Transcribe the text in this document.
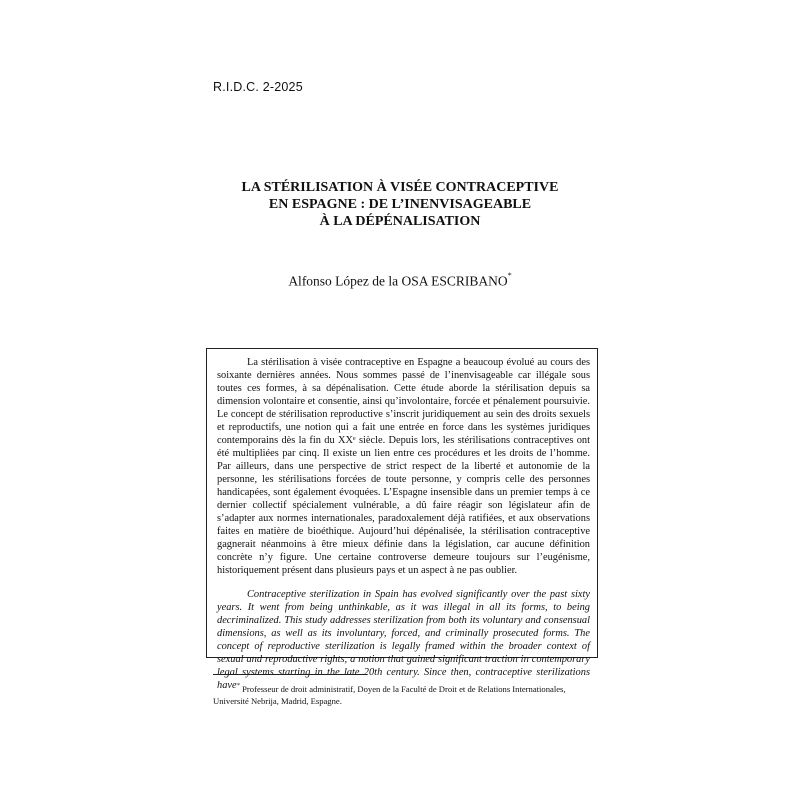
R.I.D.C. 2-2025
LA STÉRILISATION À VISÉE CONTRACEPTIVE
EN ESPAGNE : DE L’INENVISAGEABLE
À LA DÉPÉNALISATION
Alfonso López de la OSA ESCRIBANO*

La stérilisation à visée contraceptive en Espagne a beaucoup évolué au cours des soixante dernières années. Nous sommes passé de l’inenvisageable car illégale sous toutes ces formes, à sa dépénalisation. Cette étude aborde la stérilisation depuis sa dimension volontaire et consentie, ainsi qu’involontaire, forcée et pénalement poursuivie. Le concept de stérilisation reproductive s’inscrit juridiquement au sein des droits sexuels et reproductifs, une notion qui a fait une entrée en force dans les systèmes juridiques contemporains dès la fin du XXᵉ siècle. Depuis lors, les stérilisations contraceptives ont été multipliées par cinq. Il existe un lien entre ces procédures et les droits de l’homme. Par ailleurs, dans une perspective de strict respect de la liberté et autonomie de la personne, les stérilisations forcées de toute personne, y compris celle des personnes handicapées, sont également évoquées. L’Espagne insensible dans un premier temps à ce dernier collectif spécialement vulnérable, a dû faire réagir son législateur afin de s’adapter aux normes internationales, paradoxalement déjà ratifiées, et aux observations faites en matière de bioéthique. Aujourd’hui dépénalisée, la stérilisation contraceptive gagnerait néanmoins à être mieux définie dans la législation, car aucune définition concrète n’y figure. Une certaine controverse demeure toujours sur l’eugénisme, historiquement présent dans plusieurs pays et un aspect à ne pas oublier.

Contraceptive sterilization in Spain has evolved significantly over the past sixty years. It went from being unthinkable, as it was illegal in all its forms, to being decriminalized. This study addresses sterilization from both its voluntary and consensual dimensions, as well as its involuntary, forced, and criminally prosecuted forms. The concept of reproductive sterilization is legally framed within the broader context of sexual and reproductive rights, a notion that gained significant traction in contemporary legal systems starting in the late 20th century. Since then, contraceptive sterilizations have * Professeur de droit administratif, Doyen de la Faculté de Droit et de Relations Internationales, Université Nebrija, Madrid, Espagne.
